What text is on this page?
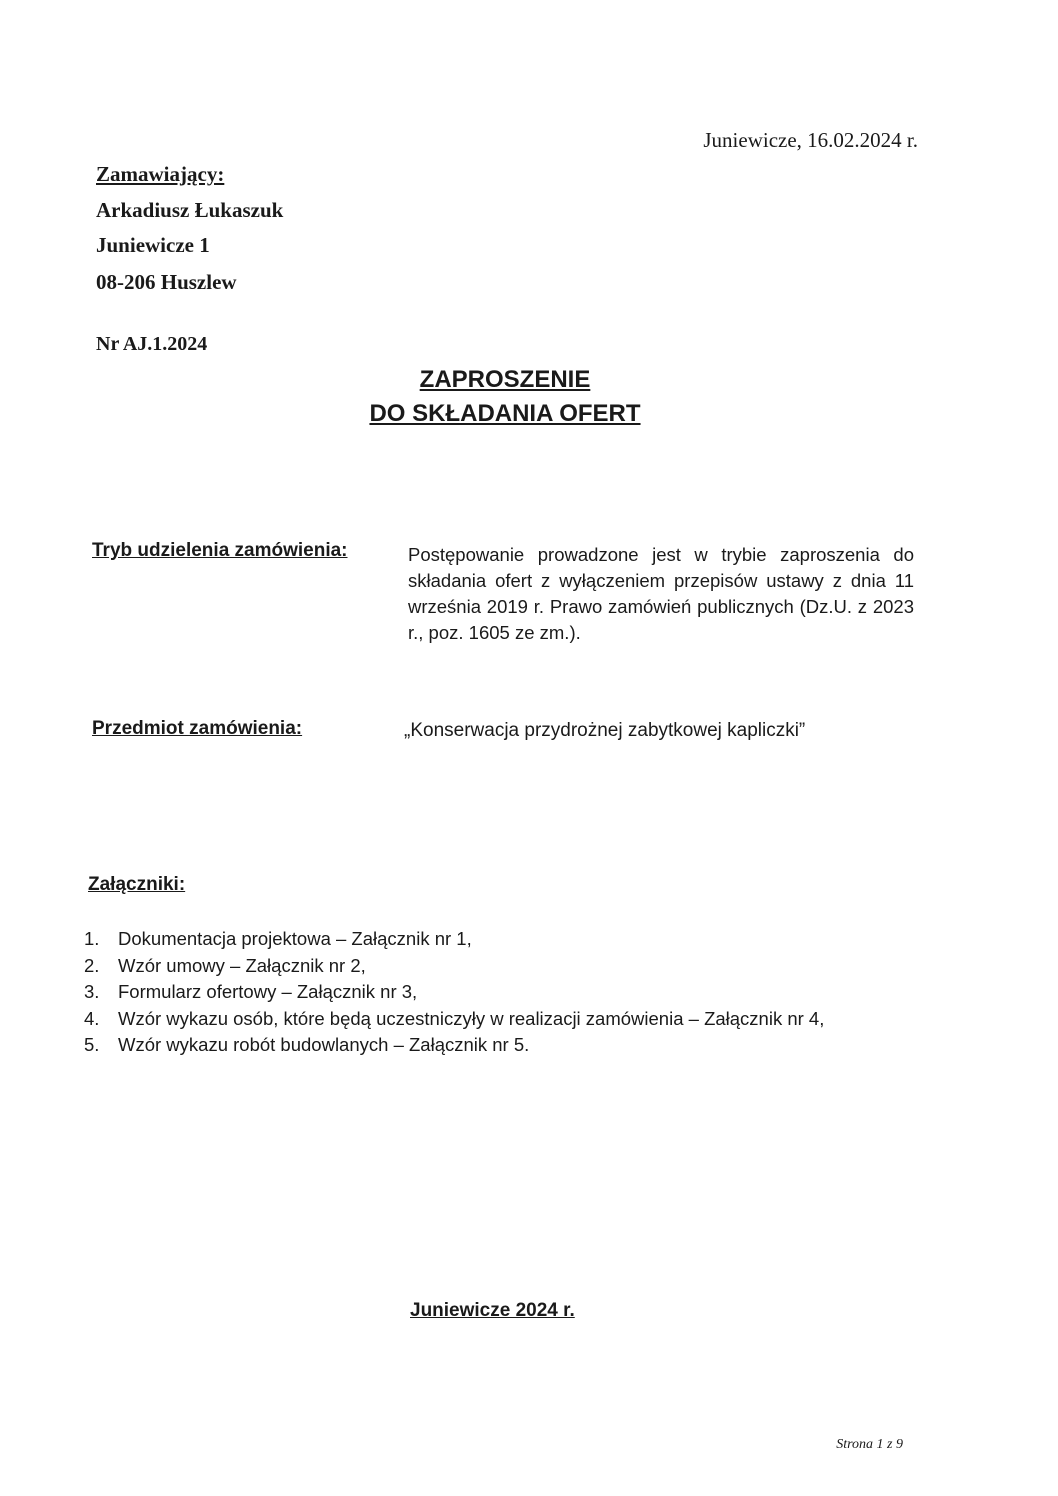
Juniewicze, 16.02.2024 r.
Zamawiający:
Arkadiusz Łukaszuk
Juniewicze 1
08-206 Huszlew
Nr AJ.1.2024
ZAPROSZENIE
DO SKŁADANIA OFERT
Tryb udzielenia zamówienia:	Postępowanie prowadzone jest w trybie zaproszenia do składania ofert z wyłączeniem przepisów ustawy z dnia 11 września 2019 r. Prawo zamówień publicznych (Dz.U. z 2023 r., poz. 1605 ze zm.).
Przedmiot zamówienia:	„Konserwacja przydrożnej zabytkowej kapliczki”
Załączniki:
1.	Dokumentacja projektowa – Załącznik nr 1,
2.	Wzór umowy – Załącznik nr 2,
3.	Formularz ofertowy – Załącznik nr 3,
4.	Wzór wykazu osób, które będą uczestniczyły w realizacji zamówienia – Załącznik nr 4,
5.	Wzór wykazu robót budowlanych – Załącznik nr 5.
Juniewicze 2024 r.
Strona 1 z 9
